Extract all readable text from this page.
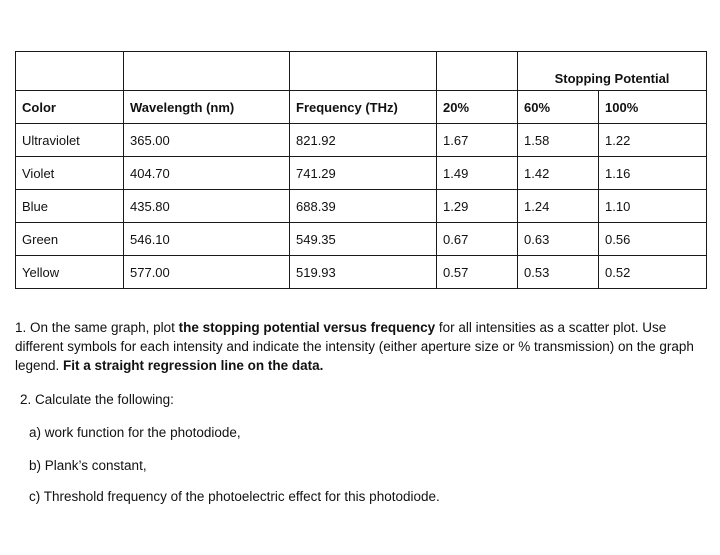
				Stopping Potential	
Color	Wavelength (nm)	Frequency (THz)	20%	60%	100%
Ultraviolet	365.00	821.92	1.67	1.58	1.22
Violet	404.70	741.29	1.49	1.42	1.16
Blue	435.80	688.39	1.29	1.24	1.10
Green	546.10	549.35	0.67	0.63	0.56
Yellow	577.00	519.93	0.57	0.53	0.52
1. On the same graph, plot the stopping potential versus frequency for all intensities as a scatter plot. Use different symbols for each intensity and indicate the intensity (either aperture size or % transmission) on the graph legend. Fit a straight regression line on the data.
2. Calculate the following:
a) work function for the photodiode,
b) Plank’s constant,
c) Threshold frequency of the photoelectric effect for this photodiode.
